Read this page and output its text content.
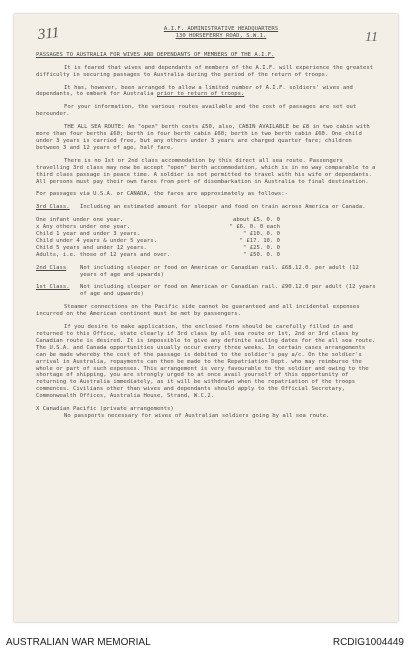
311	11
A.I.F. ADMINISTRATIVE HEADQUARTERS
130 HORSEFERRY ROAD, S.W.1.
PASSAGES TO AUSTRALIA FOR WIVES AND DEPENDANTS OF MEMBERS OF THE A.I.F.

It is feared that wives and dependants of members of the A.I.F. will experience the greatest difficulty in securing passages to Australia during the period of the return of troops.

It has, however, been arranged to allow a limited number of A.I.F. soldiers' wives and dependants, to embark for Australia prior to return of troops.

For your information, the various routes available and the cost of passages are set out hereunder.

THE ALL SEA ROUTE: An "open" berth costs £50, also, CABIN AVAILABLE be £8 in two cabin with more than four berths £60; berth in four berth cabin £60; berth in two berth cabin £60. One child under 3 years is carried free, but any others under 3 years are charged quarter fare; children between 3 and 12 years of age, half fare.

There is no 1st or 2nd class accommodation by this direct all sea route. Passengers travelling 3rd class may now be accept "open" berth accommodation, which is in no way comparable to a third class passage in peace time. A soldier is not permitted to travel with his wife or dependants. All persons must pay their own fares from port of disembarkation in Australia to final destination.

For passages via U.S.A. or CANADA, the fares are approximately as follows:-

3rd Class.	Including an estimated amount for sleeper and food on train across America or Canada.
One infant under one year.	about £5. 0. 0
x Any others under one year.	" £6. 0. 0 each
Child 1 year and under 3 years.	" £10. 0. 0
Child under 4 years & under 5 years.	" £17. 10. 0
Child 5 years and under 12 years.	" £25. 0. 0
Adults, i.e. those of 12 years and over.	" £50. 0. 0
2nd Class	Not including sleeper or food on American or Canadian rail. £68.12.0. per adult (12 years of age and upwards)
1st Class.	Not including sleeper or food on American or Canadian rail. £90.12.0 per adult (12 years of age and upwards)

Steamer connections on the Pacific side cannot be guaranteed and all incidental expenses incurred on the American continent must be met by passengers.

If you desire to make application, the enclosed form should be carefully filled in and returned to this Office, state clearly if 3rd class by all sea route or 1st, 2nd or 3rd class by Canadian route is desired. It is impossible to give any definite sailing dates for the all sea route. The U.S.A. and Canada opportunities usually occur every three weeks. In certain cases arrangements can be made whereby the cost of the passage is debited to the soldier's pay a/c. On the soldier's arrival in Australia, repayments can then be made to the Repatriation Dept. who may reimburse the whole or part of such expenses. This arrangement is very favourable to the soldier and owing to the shortage of shipping, you are strongly urged to at once avail yourself of this opportunity of returning to Australia immediately, as it will be withdrawn when the repatriation of the troops commences. Civilians other than wives and dependants should apply to the Official Secretary, Commonwealth Offices, Australia House, Strand, W.C.2.

X Canadian Pacific (private arrangements)

No passports necessary for wives of Australian soldiers going by all sea route.

AUSTRALIAN WAR MEMORIAL	RCDIG1004449
